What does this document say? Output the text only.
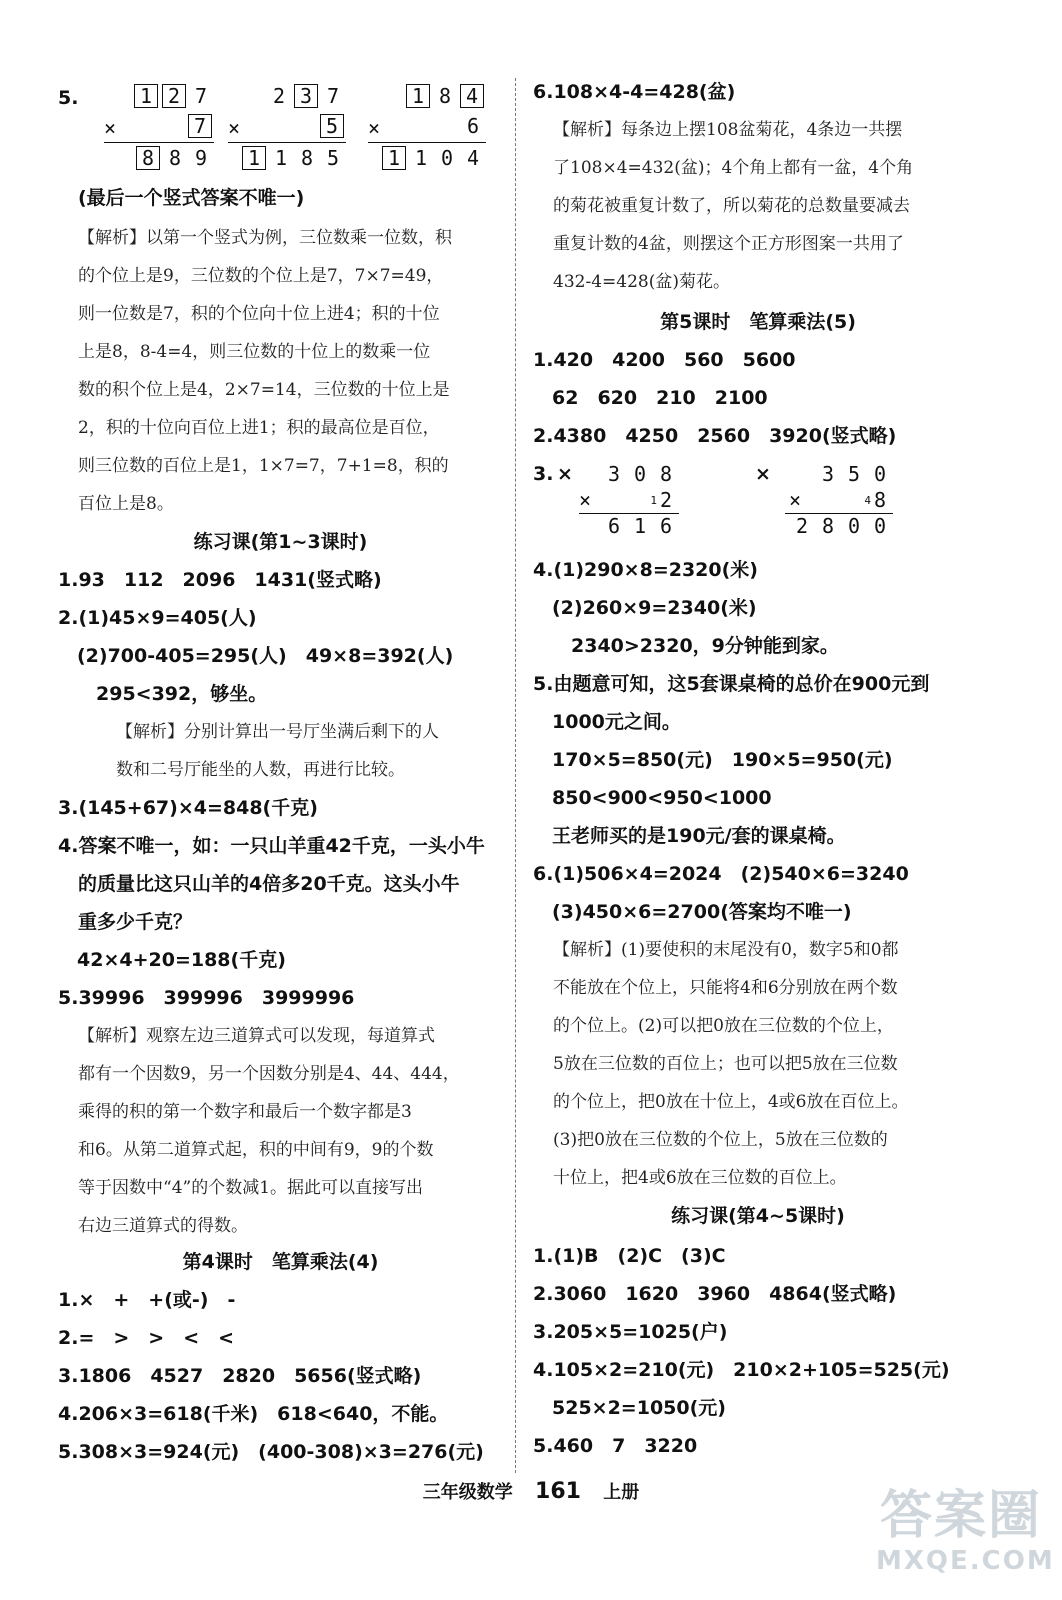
5.	1 2 7
×	7
8 8 9
2 3 7
×	5
1 1 8 5
1 8 4
×	6
1 1 0 4
(最后一个竖式答案不唯一)
【解析】以第一个竖式为例，三位数乘一位数，积
的个位上是9，三位数的个位上是7，7×7=49，
则一位数是7，积的个位向十位上进4；积的十位
上是8，8-4=4，则三位数的十位上的数乘一位
数的积个位上是4，2×7=14，三位数的十位上是
2，积的十位向百位上进1；积的最高位是百位，
则三位数的百位上是1，1×7=7，7+1=8，积的
百位上是8。
练习课(第1~3课时)
1.93　112　2096　1431(竖式略)
2.(1)45×9=405(人)
　(2)700-405=295(人)　49×8=392(人)
　　295<392，够坐。
【解析】分别计算出一号厅坐满后剩下的人
数和二号厅能坐的人数，再进行比较。
3.(145+67)×4=848(千克)
4.答案不唯一，如：一只山羊重42千克，一头小牛
的质量比这只山羊的4倍多20千克。这头小牛
重多少千克？
　42×4+20=188(千克)
5.39996　399996　3999996
【解析】观察左边三道算式可以发现，每道算式
都有一个因数9，另一个因数分别是4、44、444，
乘得的积的第一个数字和最后一个数字都是3
和6。从第二道算式起，积的中间有9，9的个数
等于因数中“4”的个数减1。据此可以直接写出
右边三道算式的得数。
第4课时　笔算乘法(4)
1.×　+　+(或-)　-
2.=　>　>　<　<
3.1806　4527　2820　5656(竖式略)
4.206×3=618(千米)　618<640，不能。
5.308×3=924(元)　(400-308)×3=276(元)
6.108×4-4=428(盆)
【解析】每条边上摆108盆菊花，4条边一共摆
了108×4=432(盆)；4个角上都有一盆，4个角
的菊花被重复计数了，所以菊花的总数量要减去
重复计数的4盆，则摆这个正方形图案一共用了
432-4=428(盆)菊花。
第5课时　笔算乘法(5)
1.420　4200　560　5600
　62　620　210　2100
2.4380　4250　2560　3920(竖式略)
3. ×	×
3 0 8
×	1 2
6 1 6
3 5 0
×	4 8
2 8 0 0
4.(1)290×8=2320(米)
　(2)260×9=2340(米)
　　2340>2320，9分钟能到家。
5.由题意可知，这5套课桌椅的总价在900元到
　1000元之间。
　170×5=850(元)　190×5=950(元)
　850<900<950<1000
　王老师买的是190元/套的课桌椅。
6.(1)506×4=2024　(2)540×6=3240
　(3)450×6=2700(答案均不唯一)
【解析】(1)要使积的末尾没有0，数字5和0都
不能放在个位上，只能将4和6分别放在两个数
的个位上。(2)可以把0放在三位数的个位上，
5放在三位数的百位上；也可以把5放在三位数
的个位上，把0放在十位上，4或6放在百位上。
(3)把0放在三位数的个位上，5放在三位数的
十位上，把4或6放在三位数的百位上。
练习课(第4~5课时)
1.(1)B　(2)C　(3)C
2.3060　1620　3960　4864(竖式略)
3.205×5=1025(户)
4.105×2=210(元)　210×2+105=525(元)
　525×2=1050(元)
5.460　7　3220
三年级数学 161 上册	答案圈
MXQE.COM
